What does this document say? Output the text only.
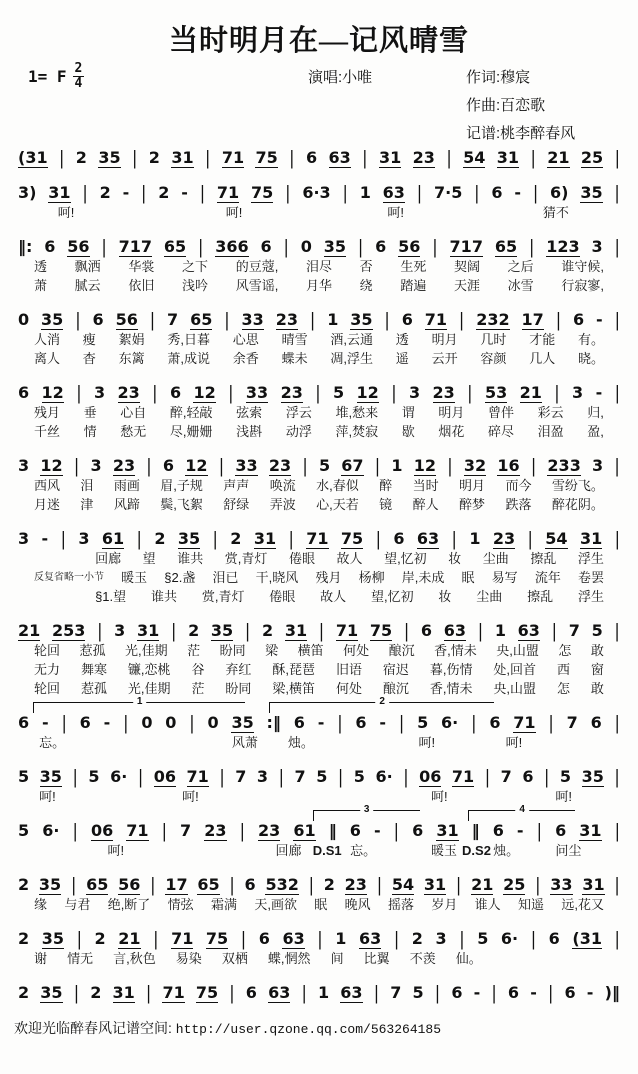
当时明月在—记风晴雪
1= F $\frac{2}{4}$	演唱:小唯	作词:穆宸
作曲:百恋歌
记谱:桃李醉春风
(31 | 2 35 | 2 31 | 71 75 | 6 63 | 31 23 | 54 31 | 21 25 |
3) 31 | 2 - | 2 - | 71 75 | 6·3 | 1 63 | 7·5 | 6 - | 6) 35 |
呵!	呵!	呵!	猜不
‖: 6 56 | 717 65 | 366 6 | 0 35 | 6 56 | 717 65 | 123 3 |
透 飘洒 华裳 之下 的豆蔻, 泪尽 否 生死 契阔 之后 谁守候,
萧 腻云 依旧 浅吟 风雪谣, 月华 绕 踏遍 天涯 冰雪 行寂寥,
0 35 | 6 56 | 7 65 | 33 23 | 1 35 | 6 71 | 232 17 | 6 - |
人消 瘦 絮娟 秀,日暮 心思 晴雪 酒,云通 透 明月 几时 才能 有。
离人 杳 东篱 萧,成说 余香 蝶未 凋,浮生 遥 云开 容颜 几人 晓。
6 12 | 3 23 | 6 12 | 33 23 | 5 12 | 3 23 | 53 21 | 3 - |
残月 垂 心自 醉,轻敲 弦索 浮云 堆,愁来 谓 明月 曾伴 彩云 归,
千丝 情 愁无 尽,姗姗 浅斟 动浮 萍,焚寂 歇 烟花 碎尽 泪盈 盈,
3 12 | 3 23 | 6 12 | 33 23 | 5 67 | 1 12 | 32 16 | 233 3 |
西风 泪 雨画 眉,子规 声声 唤流 水,春似 醉 当时 明月 而今 雪纷飞。
月迷 津 风蹄 鬓,飞絮 舒绿 弄波 心,天若 镜 醉人 醉梦 跌落 醉花阴。
3 - | 3 61 | 2 35 | 2 31 | 71 75 | 6 63 | 1 23 | 54 31 |
回廊 望 谁共 赏,青灯 倦眼 故人 望,忆初 妆 尘曲 擦乱 浮生
反复省略一小节 暖玉 §2.盏 泪已 干,晓风 残月 杨柳 岸,未成 眠 易写 流年 卷罢
§1.望 谁共 赏,青灯 倦眼 故人 望,忆初 妆 尘曲 擦乱 浮生
21 253 | 3 31 | 2 35 | 2 31 | 71 75 | 6 63 | 1 63 | 7 5 |
轮回 惹孤 光,佳期 茫 盼同 梁 横笛 何处 酿沉 香,情未 央,山盟 怎 敢
无力 舞寒 镰,恋桃 谷 弃红 酥,琵琶 旧语 宿迟 暮,伤情 处,回首 西 窗
轮回 惹孤 光,佳期 茫 盼同 梁,横笛 何处 酿沉 香,情未 央,山盟 怎 敢
1	2
6 - | 6 - | 0 0 | 0 35 :‖ 6 - | 6 - | 5 6· | 6 71 | 7 6 |
忘。	风萧 烛。	呵!	呵!
5 35 | 5 6· | 06 71 | 7 3 | 7 5 | 5 6· | 06 71 | 7 6 | 5 35 |
呵!	呵!	呵!	呵!
3	4
5 6· | 06 71 | 7 23 | 23 61 ‖ 6 - | 6 31 ‖ 6 - | 6 31 |
呵!	回廊 D.S1 忘。	暖玉 D.S2 烛。	问尘
2 35 | 65 56 | 17 65 | 6 532 | 2 23 | 54 31 | 21 25 | 33 31 |
缘 与君 绝,断了 情弦 霜满 天,画欲 眠 晚风 摇落 岁月 谁人 知遥 远,花又
2 35 | 2 21 | 71 75 | 6 63 | 1 63 | 2 3 | 5 6· | 6 (31 |
谢 情无 言,秋色 易染 双栖 蝶,惘然 间 比翼 不羡 仙。
2 35 | 2 31 | 71 75 | 6 63 | 1 63 | 7 5 | 6 - | 6 - | 6 - )‖
欢迎光临醉春风记谱空间: http://user.qzone.qq.com/563264185
